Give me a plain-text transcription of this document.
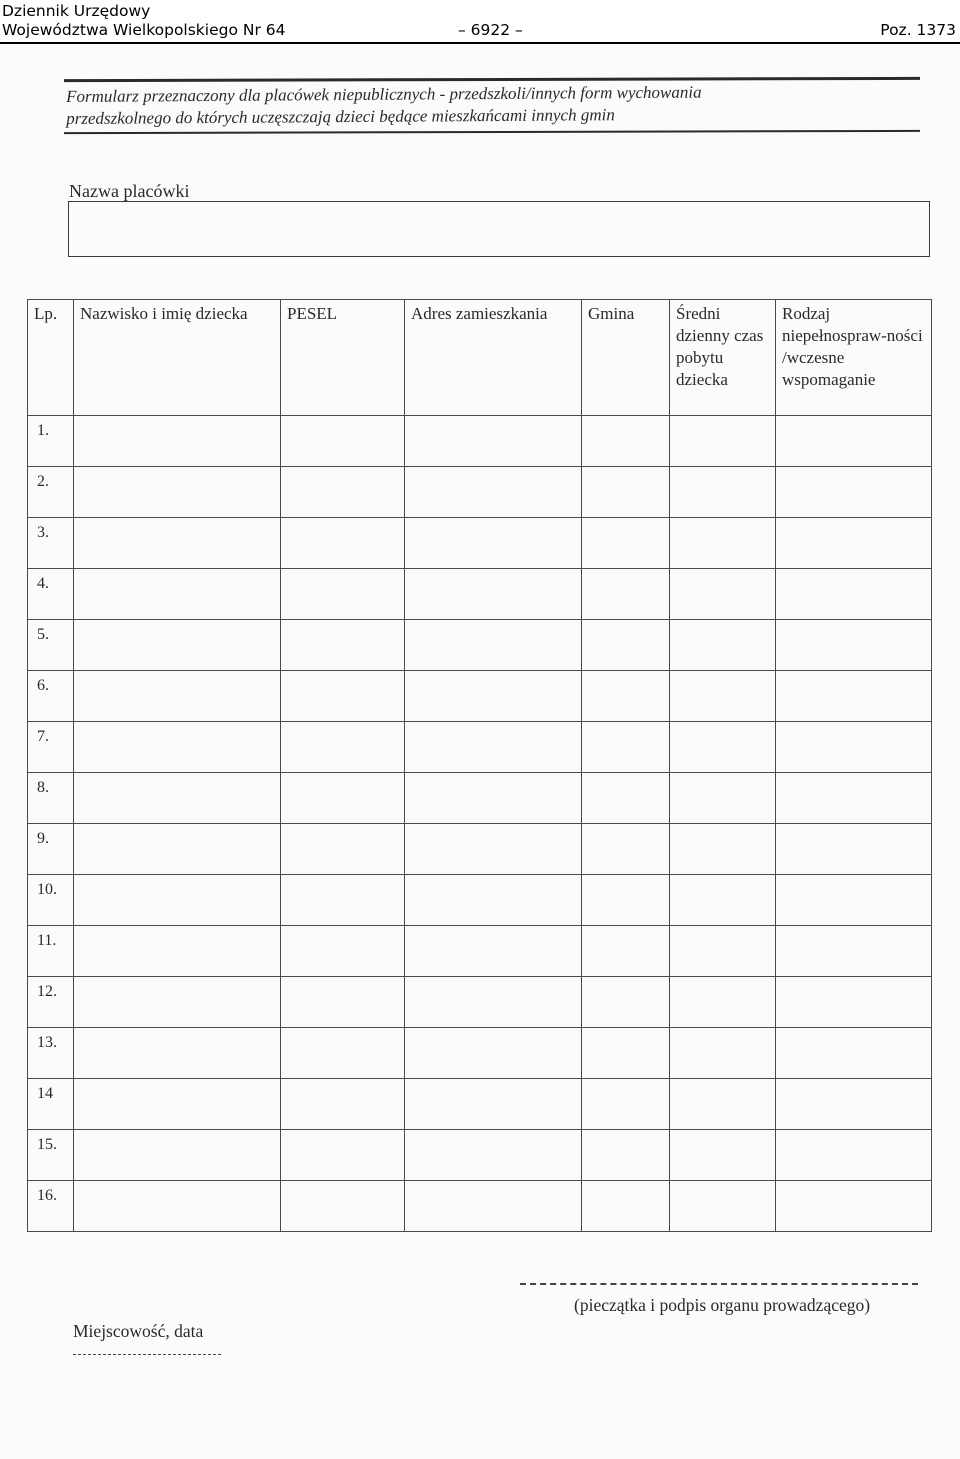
Dziennik Urzędowy
Województwa Wielkopolskiego Nr 64	– 6922 –	Poz. 1373
Formularz przeznaczony dla placówek niepublicznych - przedszkoli/innych form wychowania
przedszkolnego do których uczęszczają dzieci będące mieszkańcami innych gmin
Nazwa placówki
Lp.	Nazwisko i imię dziecka	PESEL	Adres zamieszkania	Gmina	Średni dzienny czas pobytu dziecka	Rodzaj niepełnospraw-ności /wczesne wspomaganie
1.						
2.						
3.						
4.						
5.						
6.						
7.						
8.						
9.						
10.						
11.						
12.						
13.						
14						
15.						
16.						
(pieczątka i podpis organu prowadzącego)
Miejscowość, data
